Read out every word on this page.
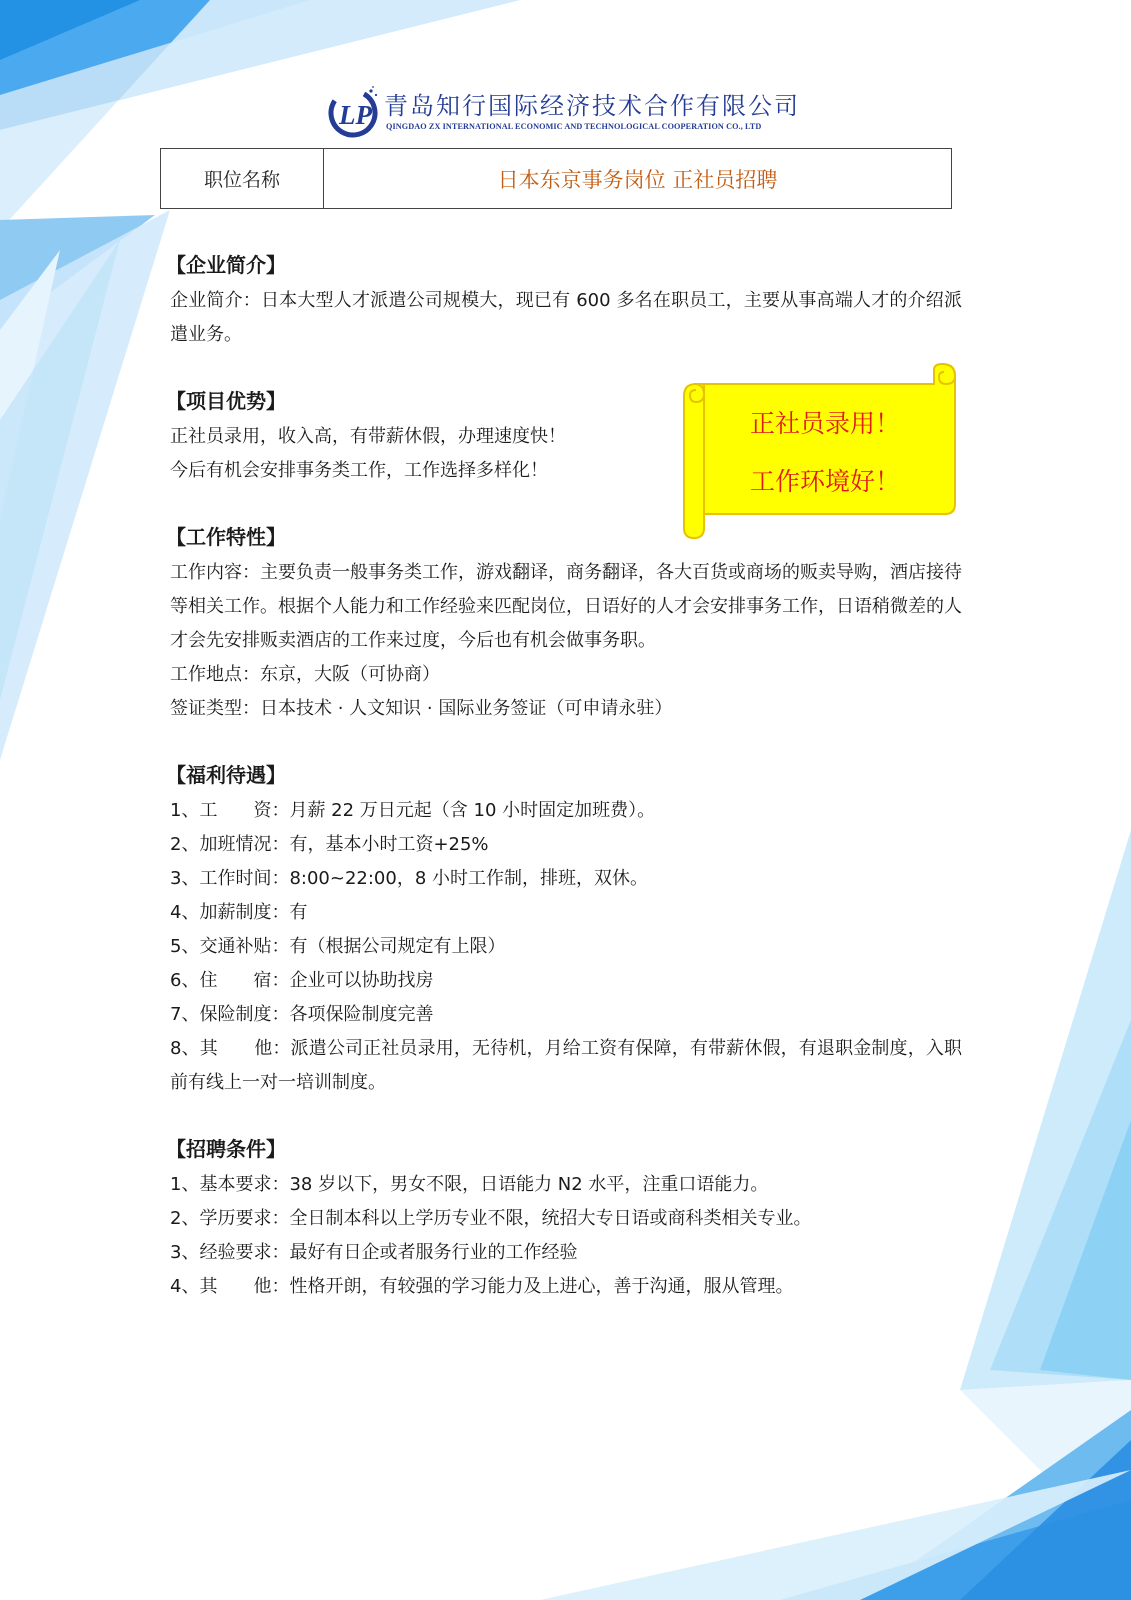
LP 青岛知行国际经济技术合作有限公司
QINGDAO ZX INTERNATIONAL ECONOMIC AND TECHNOLOGICAL COOPERATION CO., LTD
职位名称	日本东京事务岗位 正社员招聘
正社员录用！
工作环境好！
【企业简介】
企业简介：日本大型人才派遣公司规模大，现已有 600 多名在职员工，主要从事高端人才的介绍派遣业务。
【项目优势】
正社员录用，收入高，有带薪休假，办理速度快！
今后有机会安排事务类工作，工作选择多样化！
【工作特性】
工作内容：主要负责一般事务类工作，游戏翻译，商务翻译，各大百货或商场的贩卖导购，酒店接待等相关工作。根据个人能力和工作经验来匹配岗位，日语好的人才会安排事务工作，日语稍微差的人才会先安排贩卖酒店的工作来过度，今后也有机会做事务职。
工作地点：东京，大阪（可协商）
签证类型：日本技术 · 人文知识 · 国际业务签证（可申请永驻）
【福利待遇】
1、工　　资：月薪 22 万日元起（含 10 小时固定加班费）。
2、加班情况：有，基本小时工资+25%
3、工作时间：8:00~22:00，8 小时工作制，排班，双休。
4、加薪制度：有
5、交通补贴：有（根据公司规定有上限）
6、住　　宿：企业可以协助找房
7、保险制度：各项保险制度完善
8、其　　他：派遣公司正社员录用，无待机，月给工资有保障，有带薪休假，有退职金制度，入职前有线上一对一培训制度。
【招聘条件】
1、基本要求：38 岁以下，男女不限，日语能力 N2 水平，注重口语能力。
2、学历要求：全日制本科以上学历专业不限，统招大专日语或商科类相关专业。
3、经验要求：最好有日企或者服务行业的工作经验
4、其　　他：性格开朗，有较强的学习能力及上进心，善于沟通，服从管理。
